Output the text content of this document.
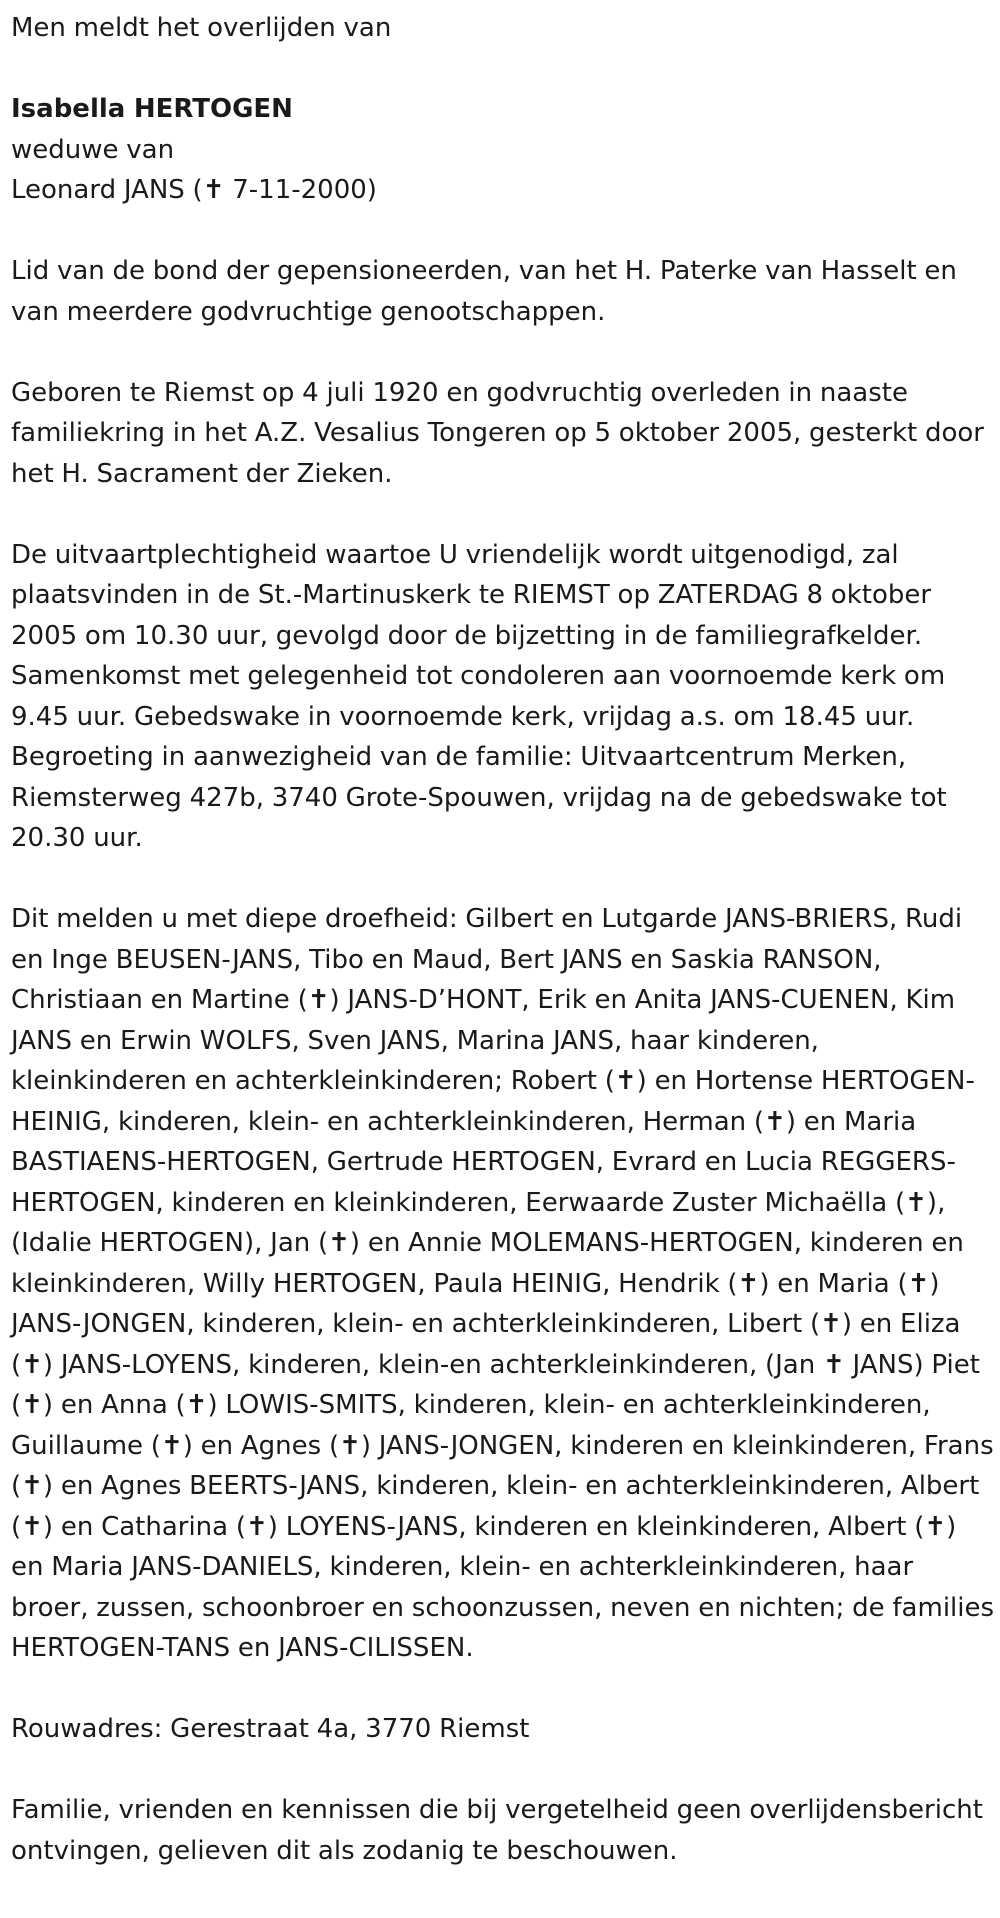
Men meldt het overlijden van

Isabella HERTOGEN

weduwe van

Leonard JANS (✝ 7-11-2000)

Lid van de bond der gepensioneerden, van het H. Paterke van Hasselt en van meerdere godvruchtige genootschappen.

Geboren te Riemst op 4 juli 1920 en godvruchtig overleden in naaste familiekring in het A.Z. Vesalius Tongeren op 5 oktober 2005, gesterkt door het H. Sacrament der Zieken.

De uitvaartplechtigheid waartoe U vriendelijk wordt uitgenodigd, zal plaatsvinden in de St.-Martinuskerk te RIEMST op ZATERDAG 8 oktober 2005 om 10.30 uur, gevolgd door de bijzetting in de familiegrafkelder. Samenkomst met gelegenheid tot condoleren aan voornoemde kerk om 9.45 uur. Gebedswake in voornoemde kerk, vrijdag a.s. om 18.45 uur. Begroeting in aanwezigheid van de familie: Uitvaartcentrum Merken, Riemsterweg 427b, 3740 Grote-Spouwen, vrijdag na de gebedswake tot 20.30 uur.

Dit melden u met diepe droefheid: Gilbert en Lutgarde JANS-BRIERS, Rudi en Inge BEUSEN-JANS, Tibo en Maud, Bert JANS en Saskia RANSON, Christiaan en Martine (✝) JANS-D’HONT, Erik en Anita JANS-CUENEN, Kim JANS en Erwin WOLFS, Sven JANS, Marina JANS, haar kinderen, kleinkinderen en achterkleinkinderen; Robert (✝) en Hortense HERTOGEN-HEINIG, kinderen, klein- en achterkleinkinderen, Herman (✝) en Maria BASTIAENS-HERTOGEN, Gertrude HERTOGEN, Evrard en Lucia REGGERS-HERTOGEN, kinderen en kleinkinderen, Eerwaarde Zuster Michaëlla (✝), (Idalie HERTOGEN), Jan (✝) en Annie MOLEMANS-HERTOGEN, kinderen en kleinkinderen, Willy HERTOGEN, Paula HEINIG, Hendrik (✝) en Maria (✝) JANS-JONGEN, kinderen, klein- en achterkleinkinderen, Libert (✝) en Eliza (✝) JANS-LOYENS, kinderen, klein-en achterkleinkinderen, (Jan ✝ JANS) Piet (✝) en Anna (✝) LOWIS-SMITS, kinderen, klein- en achterkleinkinderen, Guillaume (✝) en Agnes (✝) JANS-JONGEN, kinderen en kleinkinderen, Frans (✝) en Agnes BEERTS-JANS, kinderen, klein- en achterkleinkinderen, Albert (✝) en Catharina (✝) LOYENS-JANS, kinderen en kleinkinderen, Albert (✝) en Maria JANS-DANIELS, kinderen, klein- en achterkleinkinderen, haar broer, zussen, schoonbroer en schoonzussen, neven en nichten; de families HERTOGEN-TANS en JANS-CILISSEN.

Rouwadres: Gerestraat 4a, 3770 Riemst

Familie, vrienden en kennissen die bij vergetelheid geen overlijdensbericht ontvingen, gelieven dit als zodanig te beschouwen.
